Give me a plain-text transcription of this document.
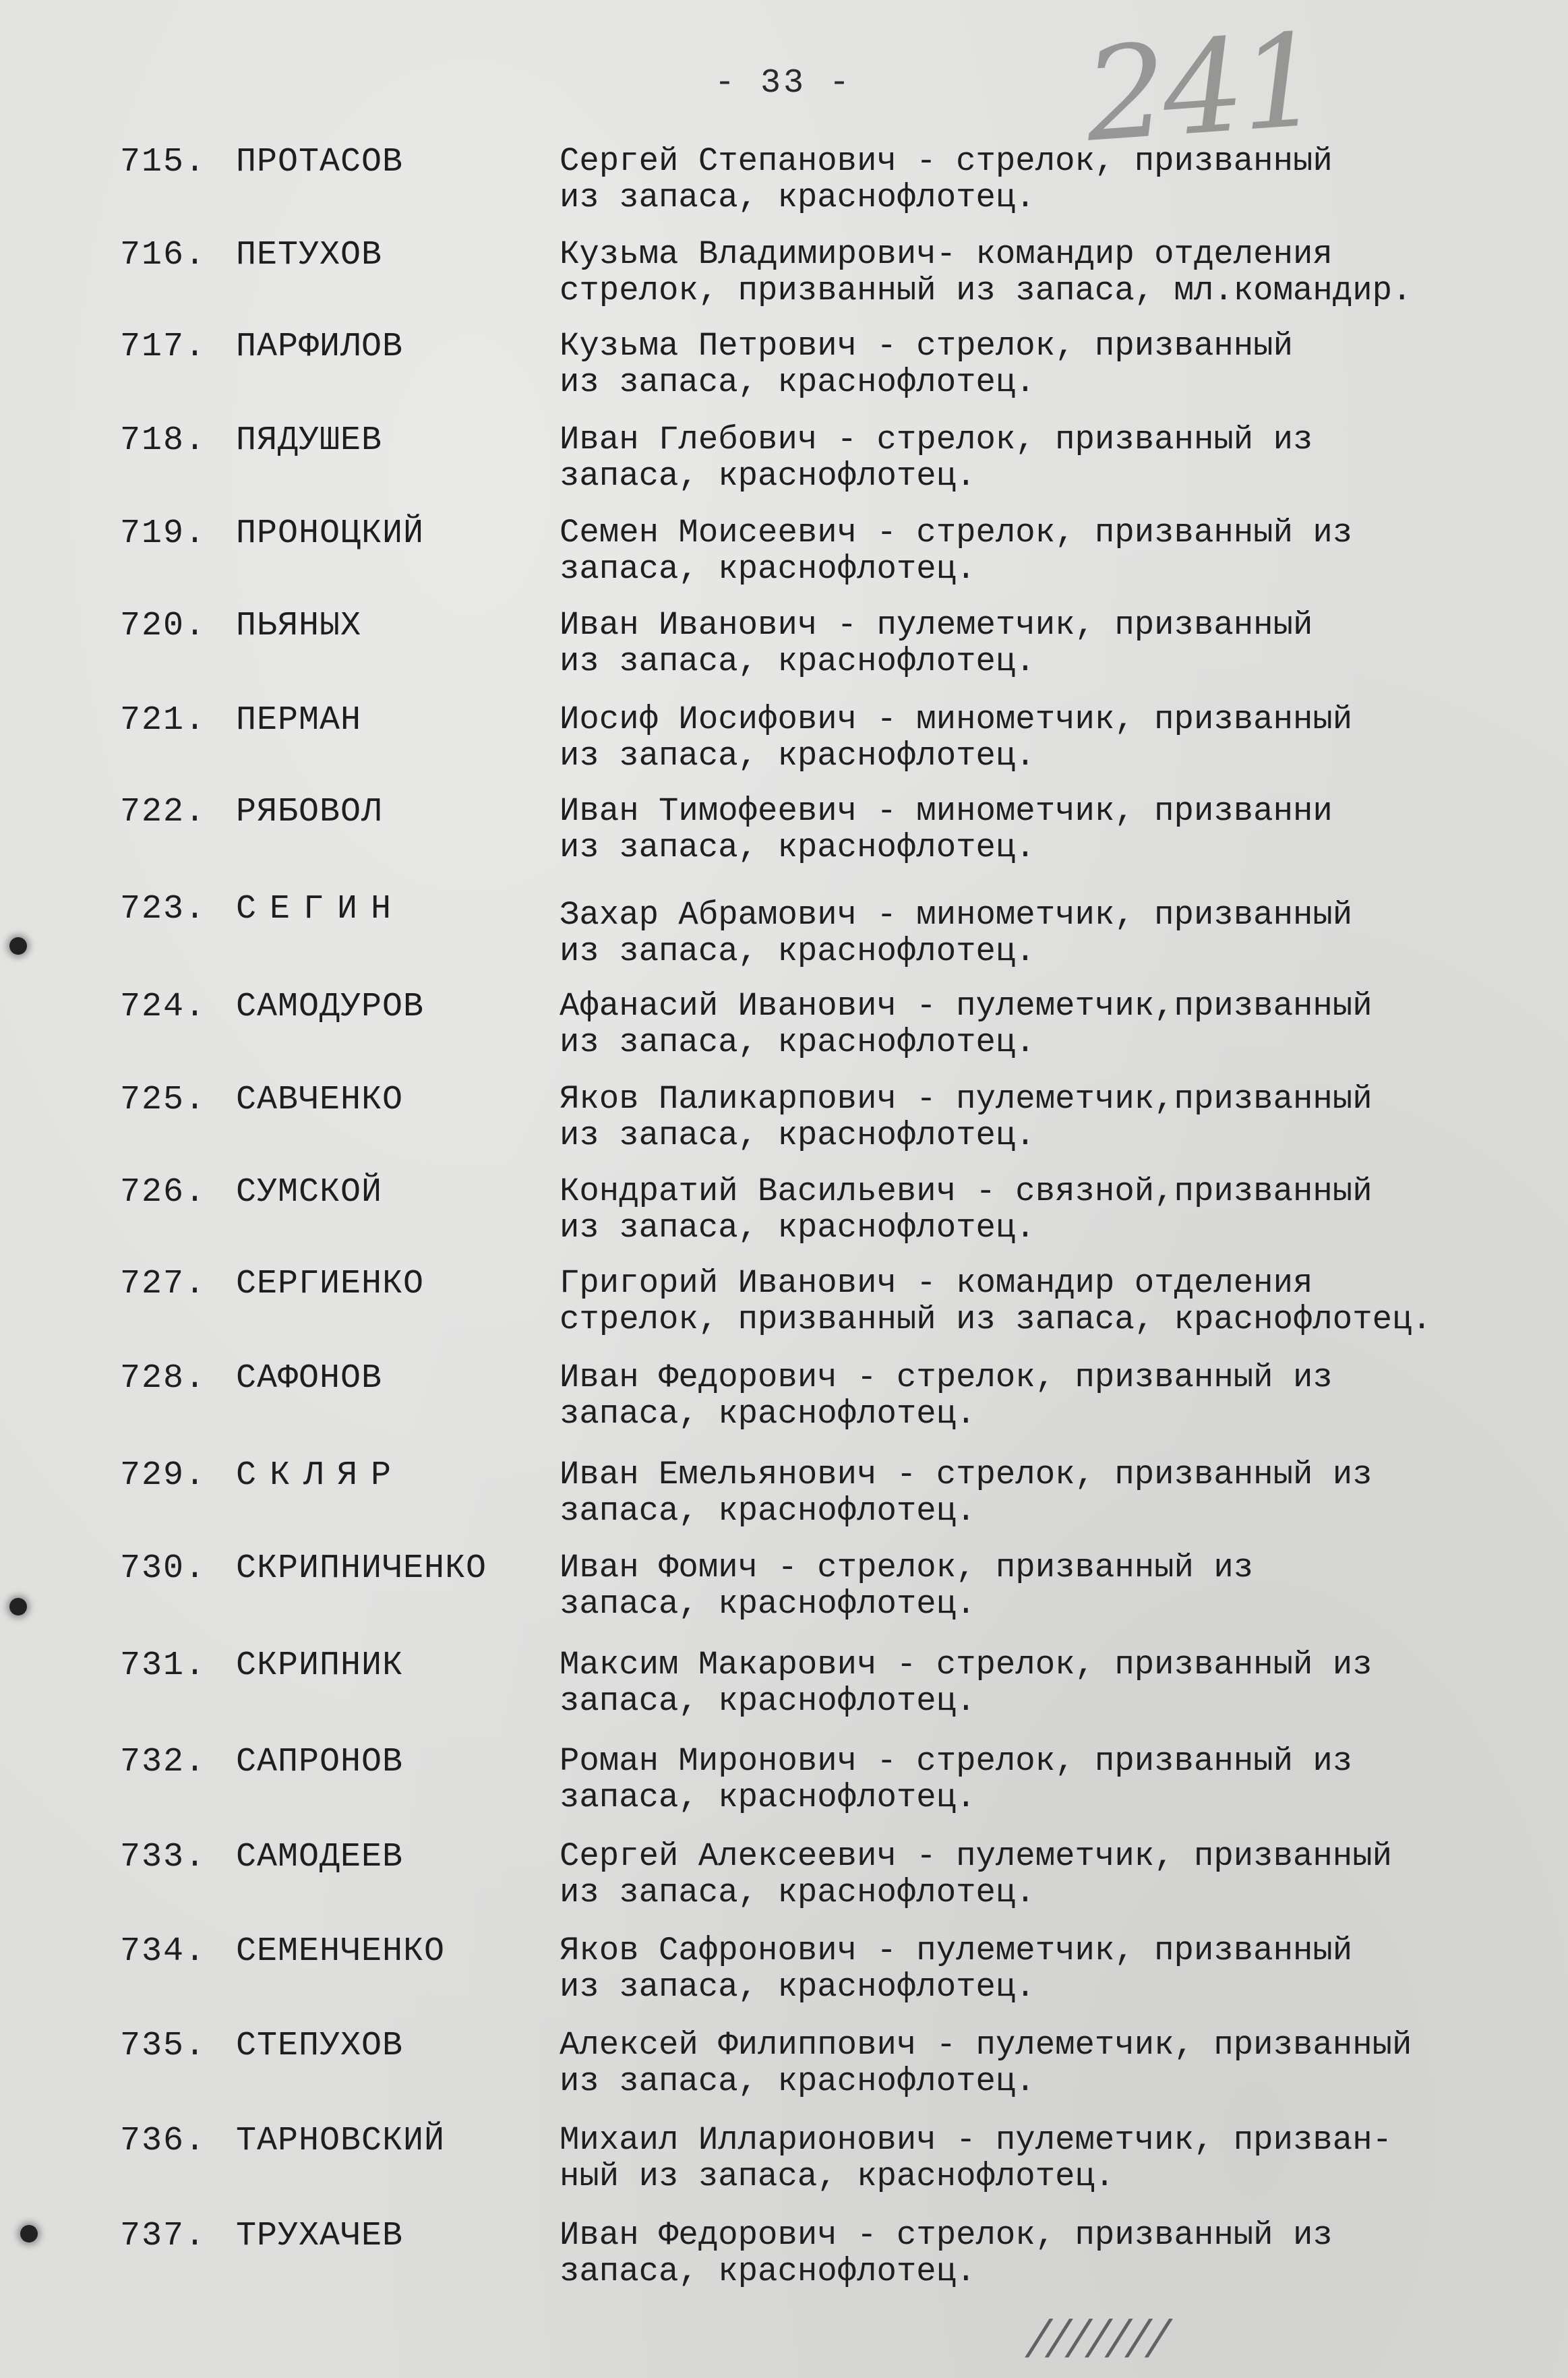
- 33 - 241
715. ПРОТАСОВ	Сергей Степанович - стрелок, призванный
из запаса, краснофлотец.
716. ПЕТУХОВ	Кузьма Владимирович- командир отделения
стрелок, призванный из запаса, мл.командир.
717. ПАРФИЛОВ	Кузьма Петрович - стрелок, призванный
из запаса, краснофлотец.
718. ПЯДУШЕВ	Иван Глебович - стрелок, призванный из
запаса, краснофлотец.
719. ПРОНОЦКИЙ	Семен Моисеевич - стрелок, призванный из
запаса, краснофлотец.
720. ПЬЯНЫХ	Иван Иванович - пулеметчик, призванный
из запаса, краснофлотец.
721. ПЕРМАН	Иосиф Иосифович - минометчик, призванный
из запаса, краснофлотец.
722. РЯБОВОЛ	Иван Тимофеевич - минометчик, призванни
из запаса, краснофлотец.
723. СЕГИН	Захар Абрамович - минометчик, призванный
из запаса, краснофлотец.
724. САМОДУРОВ	Афанасий Иванович - пулеметчик,призванный
из запаса, краснофлотец.
725. САВЧЕНКО	Яков Паликарпович - пулеметчик,призванный
из запаса, краснофлотец.
726. СУМСКОЙ	Кондратий Васильевич - связной,призванный
из запаса, краснофлотец.
727. СЕРГИЕНКО	Григорий Иванович - командир отделения
стрелок, призванный из запаса, краснофлотец.
728. САФОНОВ	Иван Федорович - стрелок, призванный из
запаса, краснофлотец.
729. СКЛЯР	Иван Емельянович - стрелок, призванный из
запаса, краснофлотец.
730. СКРИПНИЧЕНКО Иван Фомич - стрелок, призванный из
запаса, краснофлотец.
731. СКРИПНИК	Максим Макарович - стрелок, призванный из
запаса, краснофлотец.
732. САПРОНОВ	Роман Миронович - стрелок, призванный из
запаса, краснофлотец.
733. САМОДЕЕВ	Сергей Алексеевич - пулеметчик, призванный
из запаса, краснофлотец.
734. СЕМЕНЧЕНКО	Яков Сафронович - пулеметчик, призванный
из запаса, краснофлотец.
735. СТЕПУХОВ	Алексей Филиппович - пулеметчик, призванный
из запаса, краснофлотец.
736. ТАРНОВСКИЙ	Михаил Илларионович - пулеметчик, призван-
ный из запаса, краснофлотец.
737. ТРУХАЧЕВ	Иван Федорович - стрелок, призванный из
запаса, краснофлотец.
///////
